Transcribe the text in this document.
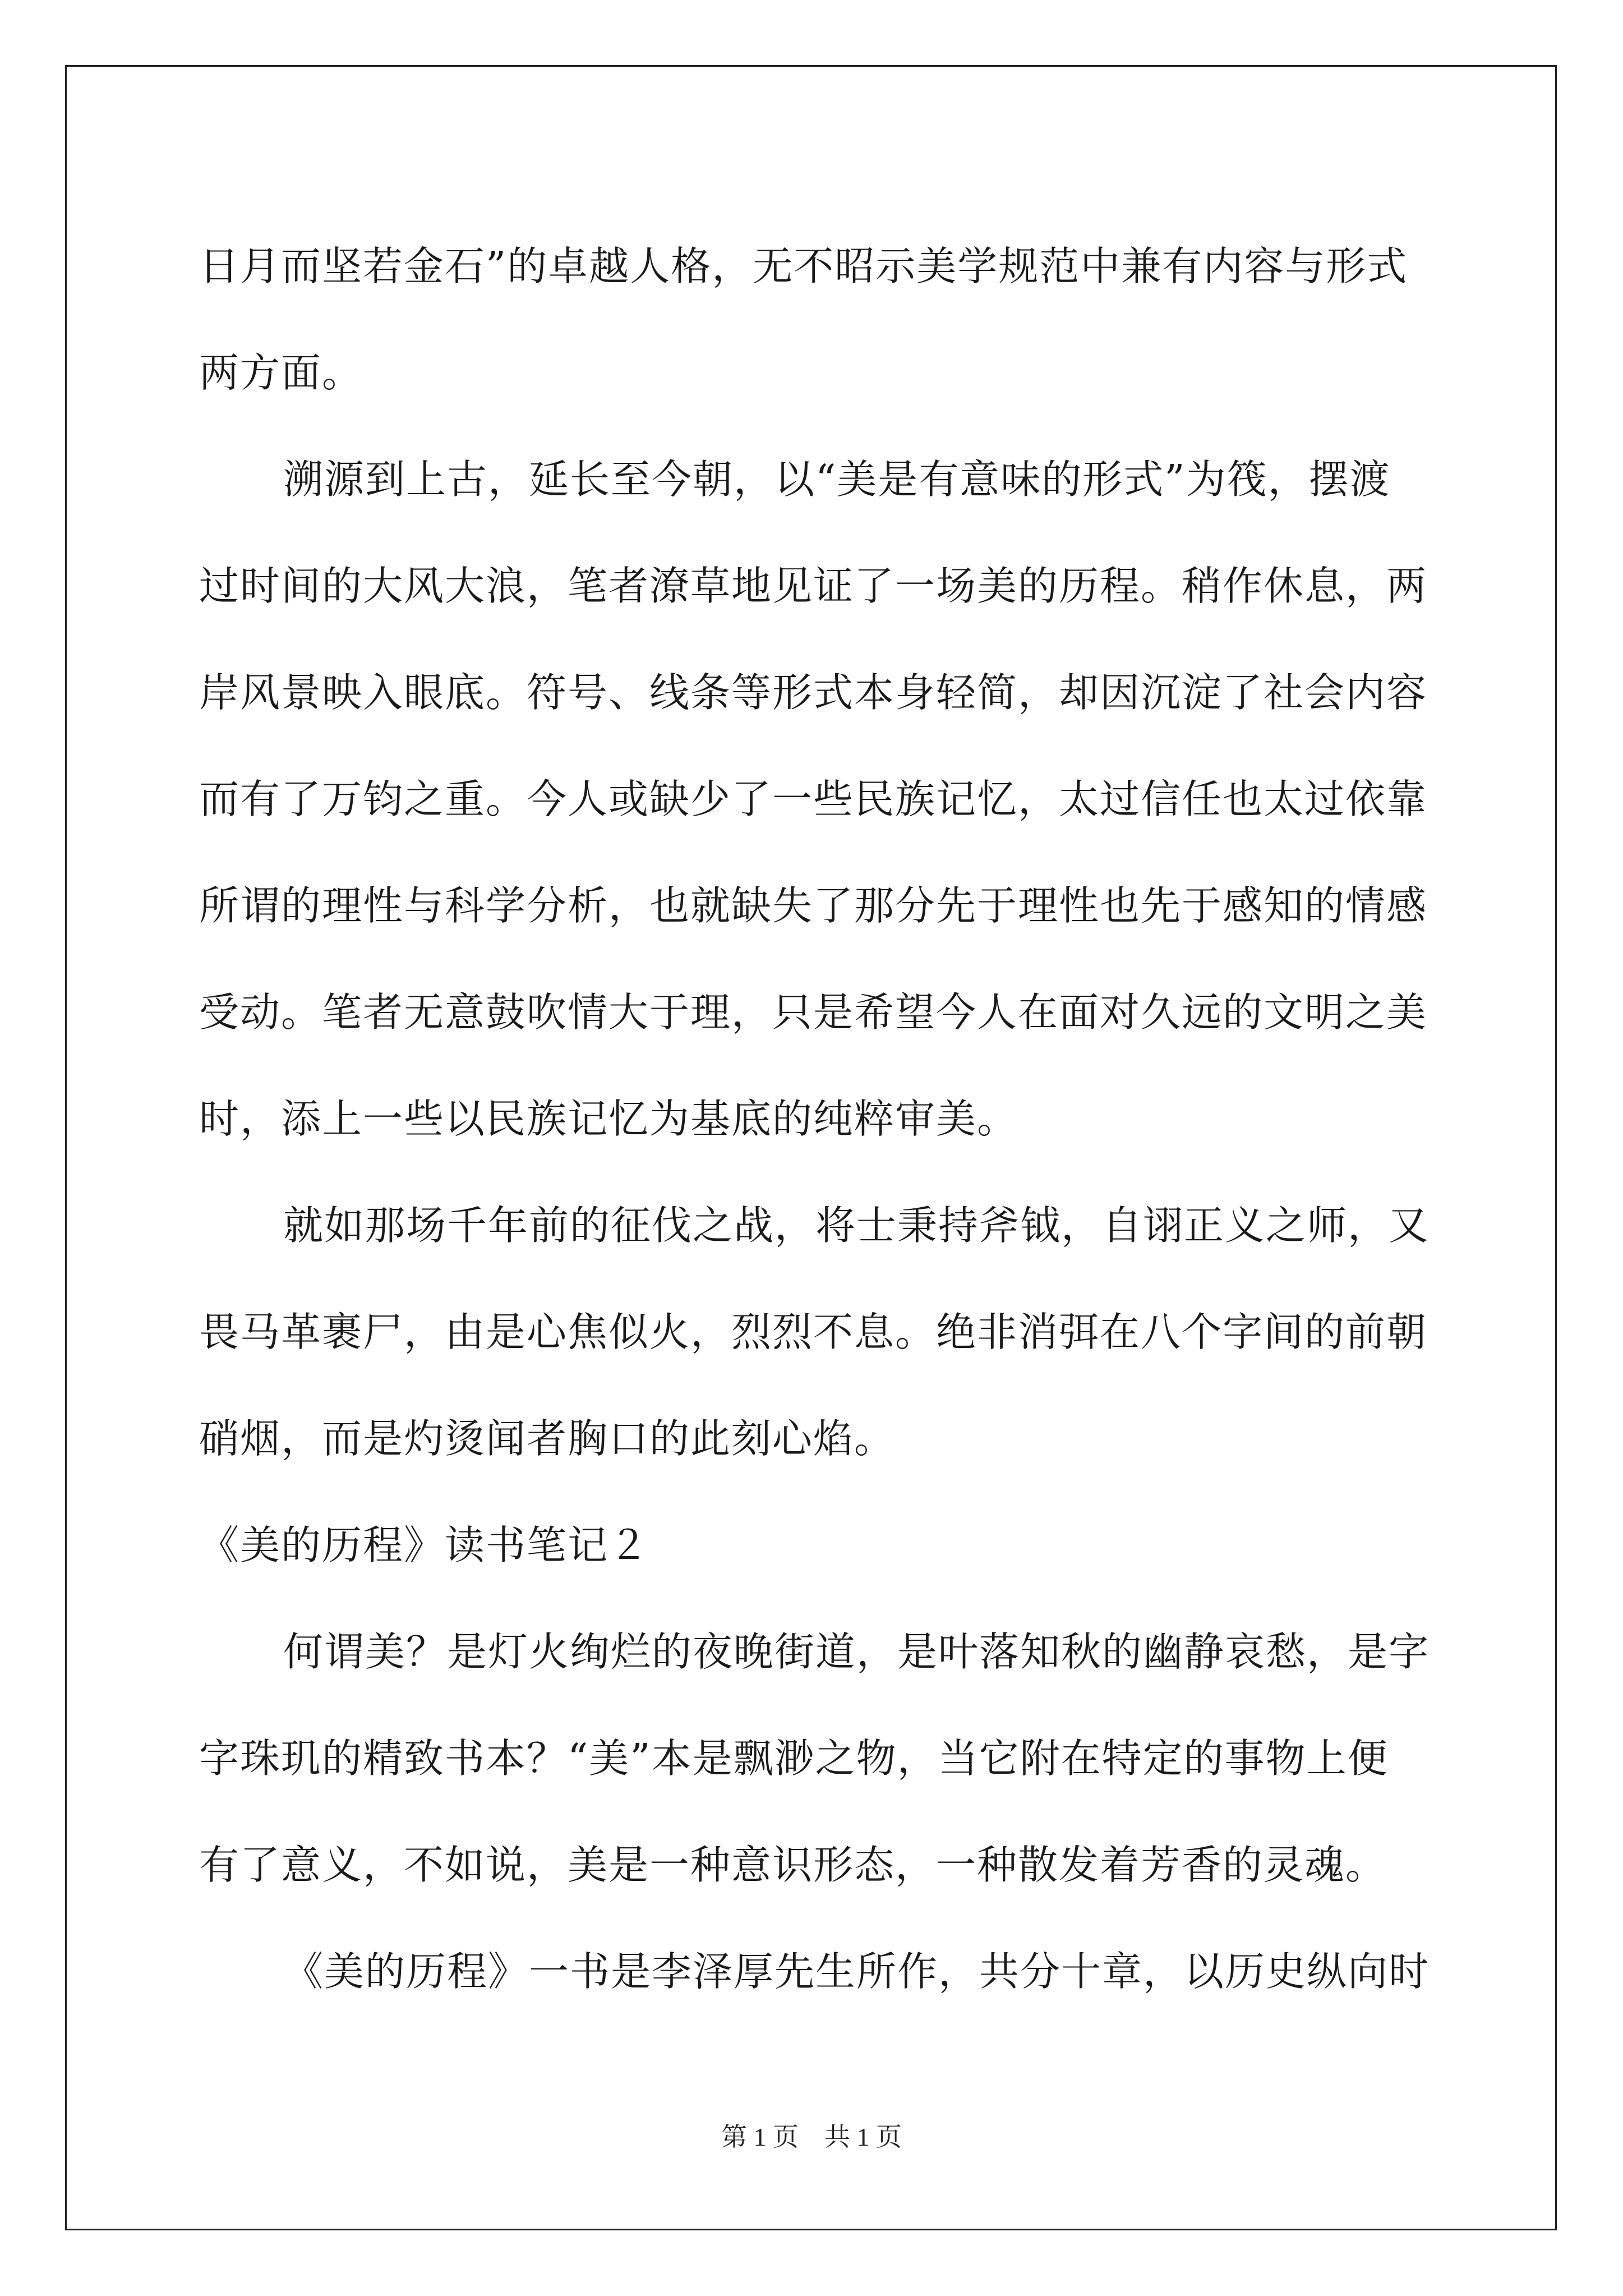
日月而坚若金石”的卓越人格，无不昭示美学规范中兼有内容与形式
两方面。
溯源到上古，延长至今朝，以“美是有意味的形式”为筏，摆渡
过时间的大风大浪，笔者潦草地见证了一场美的历程。稍作休息，两
岸风景映入眼底。符号、线条等形式本身轻简，却因沉淀了社会内容
而有了万钧之重。今人或缺少了一些民族记忆，太过信任也太过依靠
所谓的理性与科学分析，也就缺失了那分先于理性也先于感知的情感
受动。笔者无意鼓吹情大于理，只是希望今人在面对久远的文明之美
时，添上一些以民族记忆为基底的纯粹审美。
就如那场千年前的征伐之战，将士秉持斧钺，自诩正义之师，又
畏马革裹尸，由是心焦似火，烈烈不息。绝非消弭在八个字间的前朝
硝烟，而是灼烫闻者胸口的此刻心焰。
《美的历程》读书笔记２
何谓美？是灯火绚烂的夜晚街道，是叶落知秋的幽静哀愁，是字
字珠玑的精致书本？“美”本是飘渺之物，当它附在特定的事物上便
有了意义，不如说，美是一种意识形态，一种散发着芳香的灵魂。
《美的历程》一书是李泽厚先生所作，共分十章，以历史纵向时
第 1 页　共 1 页
